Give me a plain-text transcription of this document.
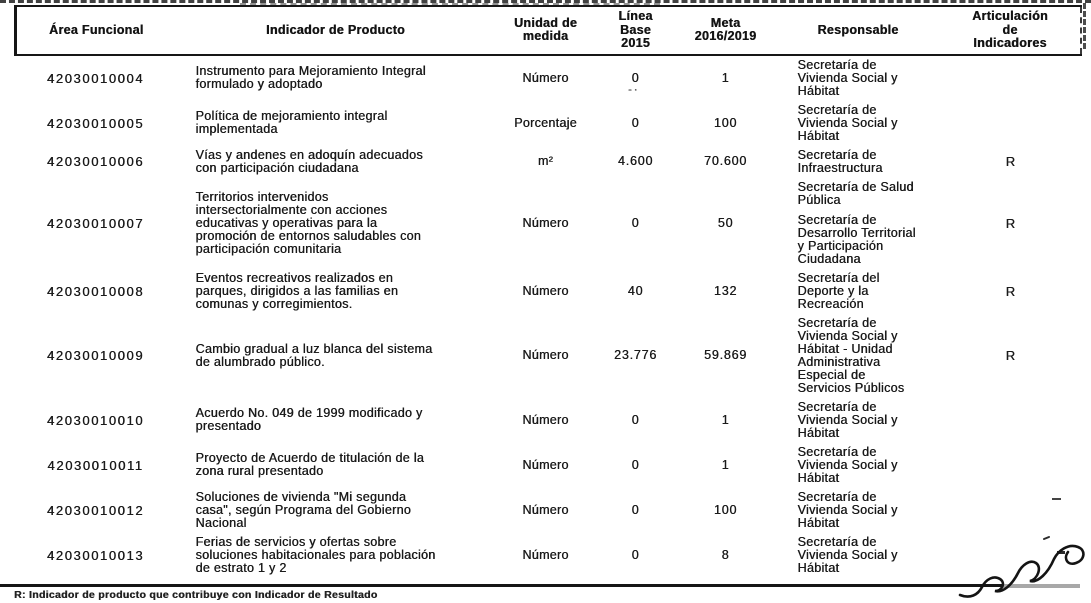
-·
Área Funcional	Indicador de Producto	Unidad de medida	Línea Base 2015	Meta 2016/2019	Responsable	Articulación de Indicadores
42030010004	Instrumento para Mejoramiento Integral formulado y adoptado	Número	0	1	Secretaría de Vivienda Social y Hábitat	

42030010005	Política de mejoramiento integral implementada	Porcentaje	0	100	Secretaría de Vivienda Social y Hábitat	

42030010006	Vías y andenes en adoquín adecuados con participación ciudadana	m²	4.600	70.600	Secretaría de Infraestructura	R
42030010007	Territorios intervenidos intersectorialmente con acciones educativas y operativas para la promoción de entornos saludables con participación comunitaria	Número	0	50	Secretaría de Salud Pública
Secretaría de Desarrollo Territorial y Participación Ciudadana	R
42030010008	Eventos recreativos realizados en parques, dirigidos a las familias en comunas y corregimientos.	Número	40	132	Secretaría del Deporte y la Recreación	R
42030010009	Cambio gradual a luz blanca del sistema de alumbrado público.	Número	23.776	59.869	Secretaría de Vivienda Social y Hábitat - Unidad Administrativa Especial de Servicios Públicos	R
42030010010	Acuerdo No. 049 de 1999 modificado y presentado	Número	0	1	Secretaría de Vivienda Social y Hábitat	

42030010011	Proyecto de Acuerdo de titulación de la zona rural presentado	Número	0	1	Secretaría de Vivienda Social y Hábitat	

42030010012	Soluciones de vivienda "Mi segunda casa", según Programa del Gobierno Nacional	Número	0	100	Secretaría de Vivienda Social y Hábitat	

42030010013	Ferias de servicios y ofertas sobre soluciones habitacionales para población de estrato 1 y 2	Número	0	8	Secretaría de Vivienda Social y Hábitat	

R: Indicador de producto que contribuye con Indicador de Resultado
